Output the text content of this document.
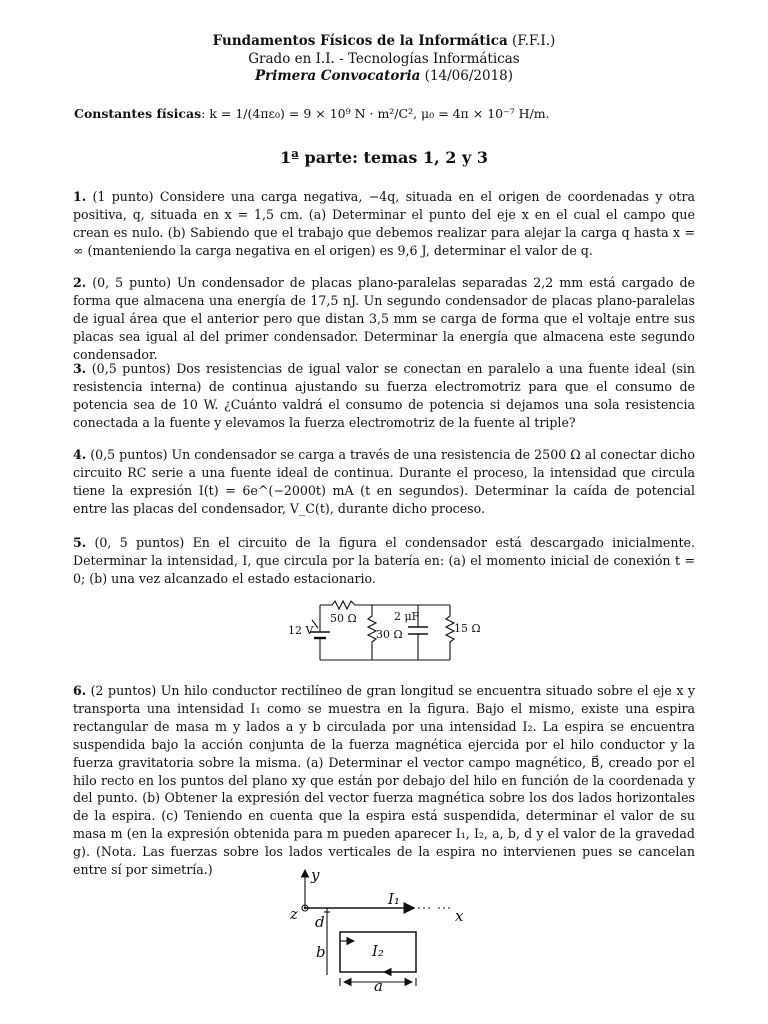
Fundamentos Físicos de la Informática (F.F.I.)
Grado en I.I. - Tecnologías Informáticas
Primera Convocatoria (14/06/2018)
Constantes físicas: k = 1/(4πε₀) = 9 × 10⁹ N · m²/C², μ₀ = 4π × 10⁻⁷ H/m.
1ª parte: temas 1, 2 y 3
1. (1 punto) Considere una carga negativa, −4q, situada en el origen de coordenadas y otra positiva, q, situada en x = 1,5 cm. (a) Determinar el punto del eje x en el cual el campo que crean es nulo. (b) Sabiendo que el trabajo que debemos realizar para alejar la carga q hasta x = ∞ (manteniendo la carga negativa en el origen) es 9,6 J, determinar el valor de q.
2. (0, 5 punto) Un condensador de placas plano-paralelas separadas 2,2 mm está cargado de forma que almacena una energía de 17,5 nJ. Un segundo condensador de placas plano-paralelas de igual área que el anterior pero que distan 3,5 mm se carga de forma que el voltaje entre sus placas sea igual al del primer condensador. Determinar la energía que almacena este segundo condensador.
3. (0,5 puntos) Dos resistencias de igual valor se conectan en paralelo a una fuente ideal (sin resistencia interna) de continua ajustando su fuerza electromotriz para que el consumo de potencia sea de 10 W. ¿Cuánto valdrá el consumo de potencia si dejamos una sola resistencia conectada a la fuente y elevamos la fuerza electromotriz de la fuente al triple?
4. (0,5 puntos) Un condensador se carga a través de una resistencia de 2500 Ω al conectar dicho circuito RC serie a una fuente ideal de continua. Durante el proceso, la intensidad que circula tiene la expresión I(t) = 6e^(−2000t) mA (t en segundos). Determinar la caída de potencial entre las placas del condensador, V_C(t), durante dicho proceso.
5. (0, 5 puntos) En el circuito de la figura el condensador está descargado inicialmente. Determinar la intensidad, I, que circula por la batería en: (a) el momento inicial de conexión t = 0; (b) una vez alcanzado el estado estacionario.
50 Ω
12 V	30 Ω
2 μF
15 Ω
6. (2 puntos) Un hilo conductor rectilíneo de gran longitud se encuentra situado sobre el eje x y transporta una intensidad I₁ como se muestra en la figura. Bajo el mismo, existe una espira rectangular de masa m y lados a y b circulada por una intensidad I₂. La espira se encuentra suspendida bajo la acción conjunta de la fuerza magnética ejercida por el hilo conductor y la fuerza gravitatoria sobre la misma. (a) Determinar el vector campo magnético, B⃗, creado por el hilo recto en los puntos del plano xy que están por debajo del hilo en función de la coordenada y del punto. (b) Obtener la expresión del vector fuerza magnética sobre los dos lados horizontales de la espira. (c) Teniendo en cuenta que la espira está suspendida, determinar el valor de su masa m (en la expresión obtenida para m pueden aparecer I₁, I₂, a, b, d y el valor de la gravedad g). (Nota. Las fuerzas sobre los lados verticales de la espira no intervienen pues se cancelan entre sí por simetría.)	y
z	x
I₁
I₂
d
b
a
